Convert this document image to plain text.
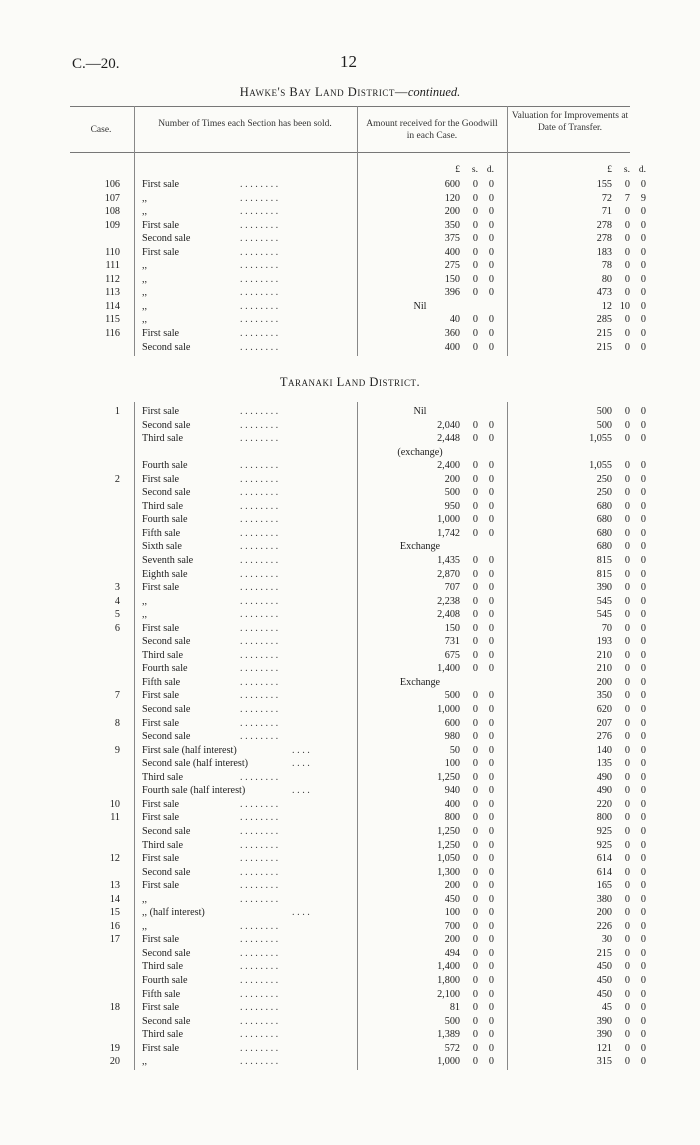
C.—20.	12
Hawke's Bay Land District—continued.
Case.
Number of Times each Section has been sold.	Amount received for the Goodwill in each Case.
Valuation for Improvements at Date of Transfer.
£ s. d.	£ s. d.
106 First sale	. . . . . . . .	600 0 0	155 0 0
107 ,,	. . . . . . . .	120 0 0	72 7 9
108 ,,	. . . . . . . .	200 0 0	71 0 0
109 First sale	. . . . . . . .	350 0 0	278 0 0
Second sale	. . . . . . . .	375 0 0	278 0 0
110 First sale	. . . . . . . .	400 0 0	183 0 0
111 ,,	. . . . . . . .	275 0 0	78 0 0
112 ,,	. . . . . . . .	150 0 0	80 0 0
113 ,,	. . . . . . . .	396 0 0	473 0 0
114 ,,	. . . . . . . .	Nil	12 10 0
115 ,,	. . . . . . . .	40 0 0	285 0 0
116 First sale	. . . . . . . .	360 0 0	215 0 0
Second sale	. . . . . . . .	400 0 0	215 0 0
Taranaki Land District.
1 First sale	. . . . . . . .	Nil	500 0 0
Second sale	. . . . . . . .	2,040 0 0	500 0 0
Third sale	. . . . . . . .	2,448 0 0	1,055 0 0
(exchange)
Fourth sale	. . . . . . . .	2,400 0 0	1,055 0 0
2 First sale	. . . . . . . .	200 0 0	250 0 0
Second sale	. . . . . . . .	500 0 0	250 0 0
Third sale	. . . . . . . .	950 0 0	680 0 0
Fourth sale	. . . . . . . .	1,000 0 0	680 0 0
Fifth sale	. . . . . . . .	1,742 0 0	680 0 0
Sixth sale	. . . . . . . .	Exchange	680 0 0
Seventh sale	. . . . . . . .	1,435 0 0	815 0 0
Eighth sale	. . . . . . . .	2,870 0 0	815 0 0
3 First sale	. . . . . . . .	707 0 0	390 0 0
4 ,,	. . . . . . . .	2,238 0 0	545 0 0
5 ,,	. . . . . . . .	2,408 0 0	545 0 0
6 First sale	. . . . . . . .	150 0 0	70 0 0
Second sale	. . . . . . . .	731 0 0	193 0 0
Third sale	. . . . . . . .	675 0 0	210 0 0
Fourth sale	. . . . . . . .	1,400 0 0	210 0 0
Fifth sale	. . . . . . . .	Exchange	200 0 0
7 First sale	. . . . . . . .	500 0 0	350 0 0
Second sale	. . . . . . . .	1,000 0 0	620 0 0
8 First sale	. . . . . . . .	600 0 0	207 0 0
Second sale	. . . . . . . .	980 0 0	276 0 0
9 First sale (half interest)	. . . .	50 0 0	140 0 0
Second sale (half interest)	. . . .	100 0 0	135 0 0
Third sale	. . . . . . . .	1,250 0 0	490 0 0
Fourth sale (half interest)	. . . .	940 0 0	490 0 0
10 First sale	. . . . . . . .	400 0 0	220 0 0
11 First sale	. . . . . . . .	800 0 0	800 0 0
Second sale	. . . . . . . .	1,250 0 0	925 0 0
Third sale	. . . . . . . .	1,250 0 0	925 0 0
12 First sale	. . . . . . . .	1,050 0 0	614 0 0
Second sale	. . . . . . . .	1,300 0 0	614 0 0
13 First sale	. . . . . . . .	200 0 0	165 0 0
14 ,,	. . . . . . . .	450 0 0	380 0 0
15 ,, (half interest)	. . . .	100 0 0	200 0 0
16 ,,	. . . . . . . .	700 0 0	226 0 0
17 First sale	. . . . . . . .	200 0 0	30 0 0
Second sale	. . . . . . . .	494 0 0	215 0 0
Third sale	. . . . . . . .	1,400 0 0	450 0 0
Fourth sale	. . . . . . . .	1,800 0 0	450 0 0
Fifth sale	. . . . . . . .	2,100 0 0	450 0 0
18 First sale	. . . . . . . .	81 0 0	45 0 0
Second sale	. . . . . . . .	500 0 0	390 0 0
Third sale	. . . . . . . .	1,389 0 0	390 0 0
19 First sale	. . . . . . . .	572 0 0	121 0 0
20 ,,	. . . . . . . .	1,000 0 0	315 0 0
